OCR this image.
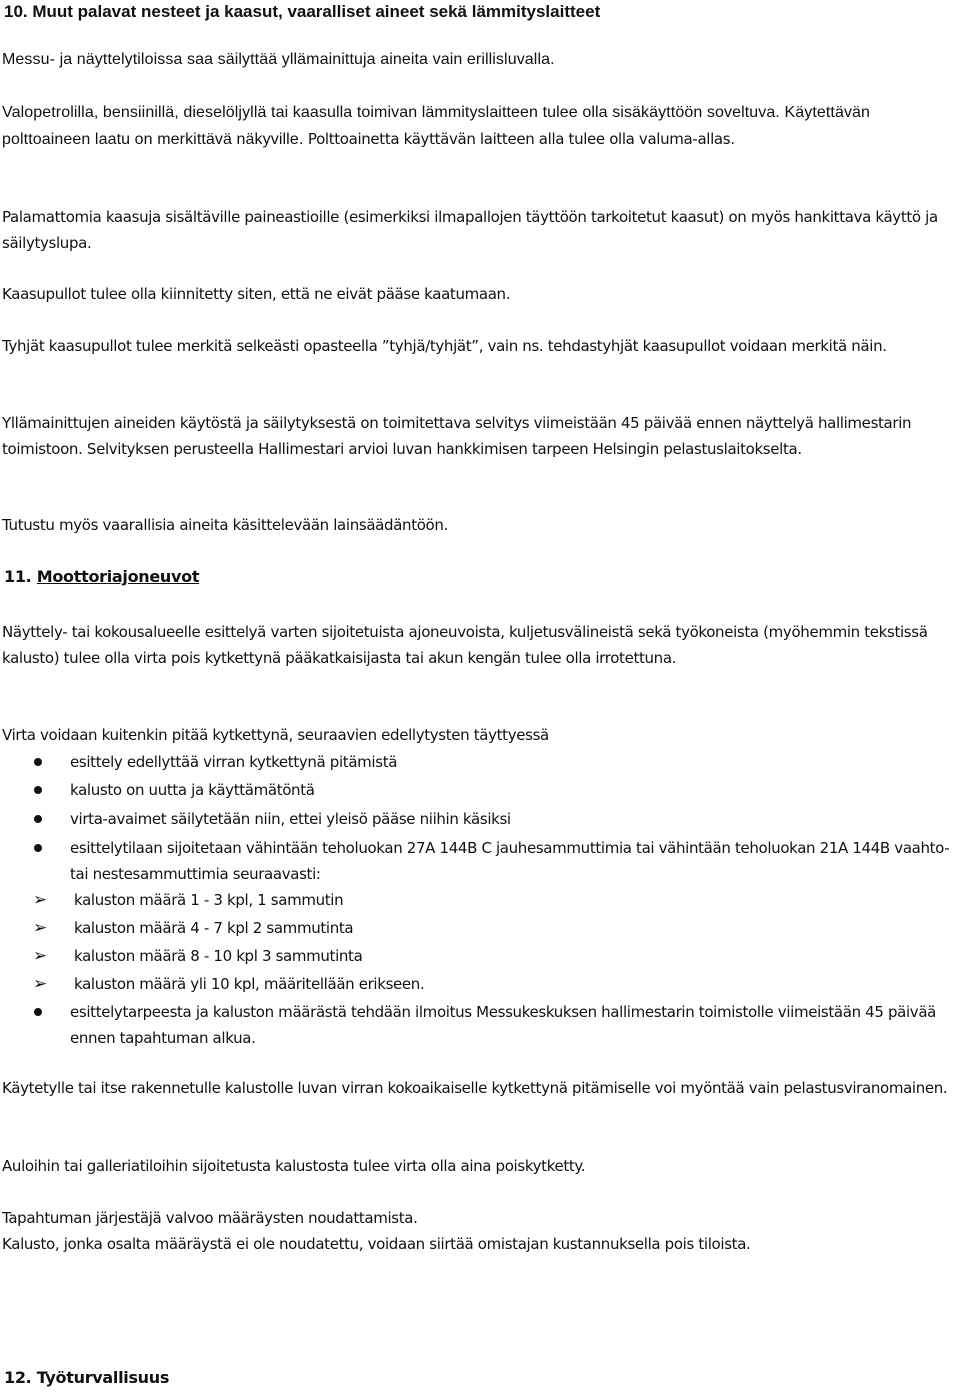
10. Muut palavat nesteet ja kaasut, vaaralliset aineet sekä lämmityslaitteet

Messu- ja näyttelytiloissa saa säilyttää yllämainittuja aineita vain erillisluvalla.

Valopetrolilla, bensiinillä, dieselöljyllä tai kaasulla toimivan lämmityslaitteen tulee olla sisäkäyttöön soveltuva. Käytettävän polttoaineen laatu on merkittävä näkyville. Polttoainetta käyttävän laitteen alla tulee olla valuma-allas.

Palamattomia kaasuja sisältäville paineastioille (esimerkiksi ilmapallojen täyttöön tarkoitetut kaasut) on myös hankittava käyttö ja säilytyslupa.

Kaasupullot tulee olla kiinnitetty siten, että ne eivät pääse kaatumaan.

Tyhjät kaasupullot tulee merkitä selkeästi opasteella ”tyhjä/tyhjät”, vain ns. tehdastyhjät kaasupullot voidaan merkitä näin.

Yllämainittujen aineiden käytöstä ja säilytyksestä on toimitettava selvitys viimeistään 45 päivää ennen näyttelyä hallimestarin toimistoon. Selvityksen perusteella Hallimestari arvioi luvan hankkimisen tarpeen Helsingin pelastuslaitokselta.

Tutustu myös vaarallisia aineita käsittelevään lainsäädäntöön.

11. Moottoriajoneuvot

Näyttely- tai kokousalueelle esittelyä varten sijoitetuista ajoneuvoista, kuljetusvälineistä sekä työkoneista (myöhemmin tekstissä kalusto) tulee olla virta pois kytkettynä pääkatkaisijasta tai akun kengän tulee olla irrotettuna.

Virta voidaan kuitenkin pitää kytkettynä, seuraavien edellytysten täyttyessä

esittely edellyttää virran kytkettynä pitämistä

kalusto on uutta ja käyttämätöntä

virta-avaimet säilytetään niin, ettei yleisö pääse niihin käsiksi

esittelytilaan sijoitetaan vähintään teholuokan 27A 144B C jauhesammuttimia tai vähintään teholuokan 21A 144B vaahto- tai nestesammuttimia seuraavasti:

➢ kaluston määrä 1 - 3 kpl, 1 sammutin

➢ kaluston määrä 4 - 7 kpl 2 sammutinta

➢ kaluston määrä 8 - 10 kpl 3 sammutinta

➢ kaluston määrä yli 10 kpl, määritellään erikseen.

esittelytarpeesta ja kaluston määrästä tehdään ilmoitus Messukeskuksen hallimestarin toimistolle viimeistään 45 päivää ennen tapahtuman alkua.

Käytetylle tai itse rakennetulle kalustolle luvan virran kokoaikaiselle kytkettynä pitämiselle voi myöntää vain pelastusviranomainen.

Auloihin tai galleriatiloihin sijoitetusta kalustosta tulee virta olla aina poiskytketty.

Tapahtuman järjestäjä valvoo määräysten noudattamista.

Kalusto, jonka osalta määräystä ei ole noudatettu, voidaan siirtää omistajan kustannuksella pois tiloista.

12. Työturvallisuus
